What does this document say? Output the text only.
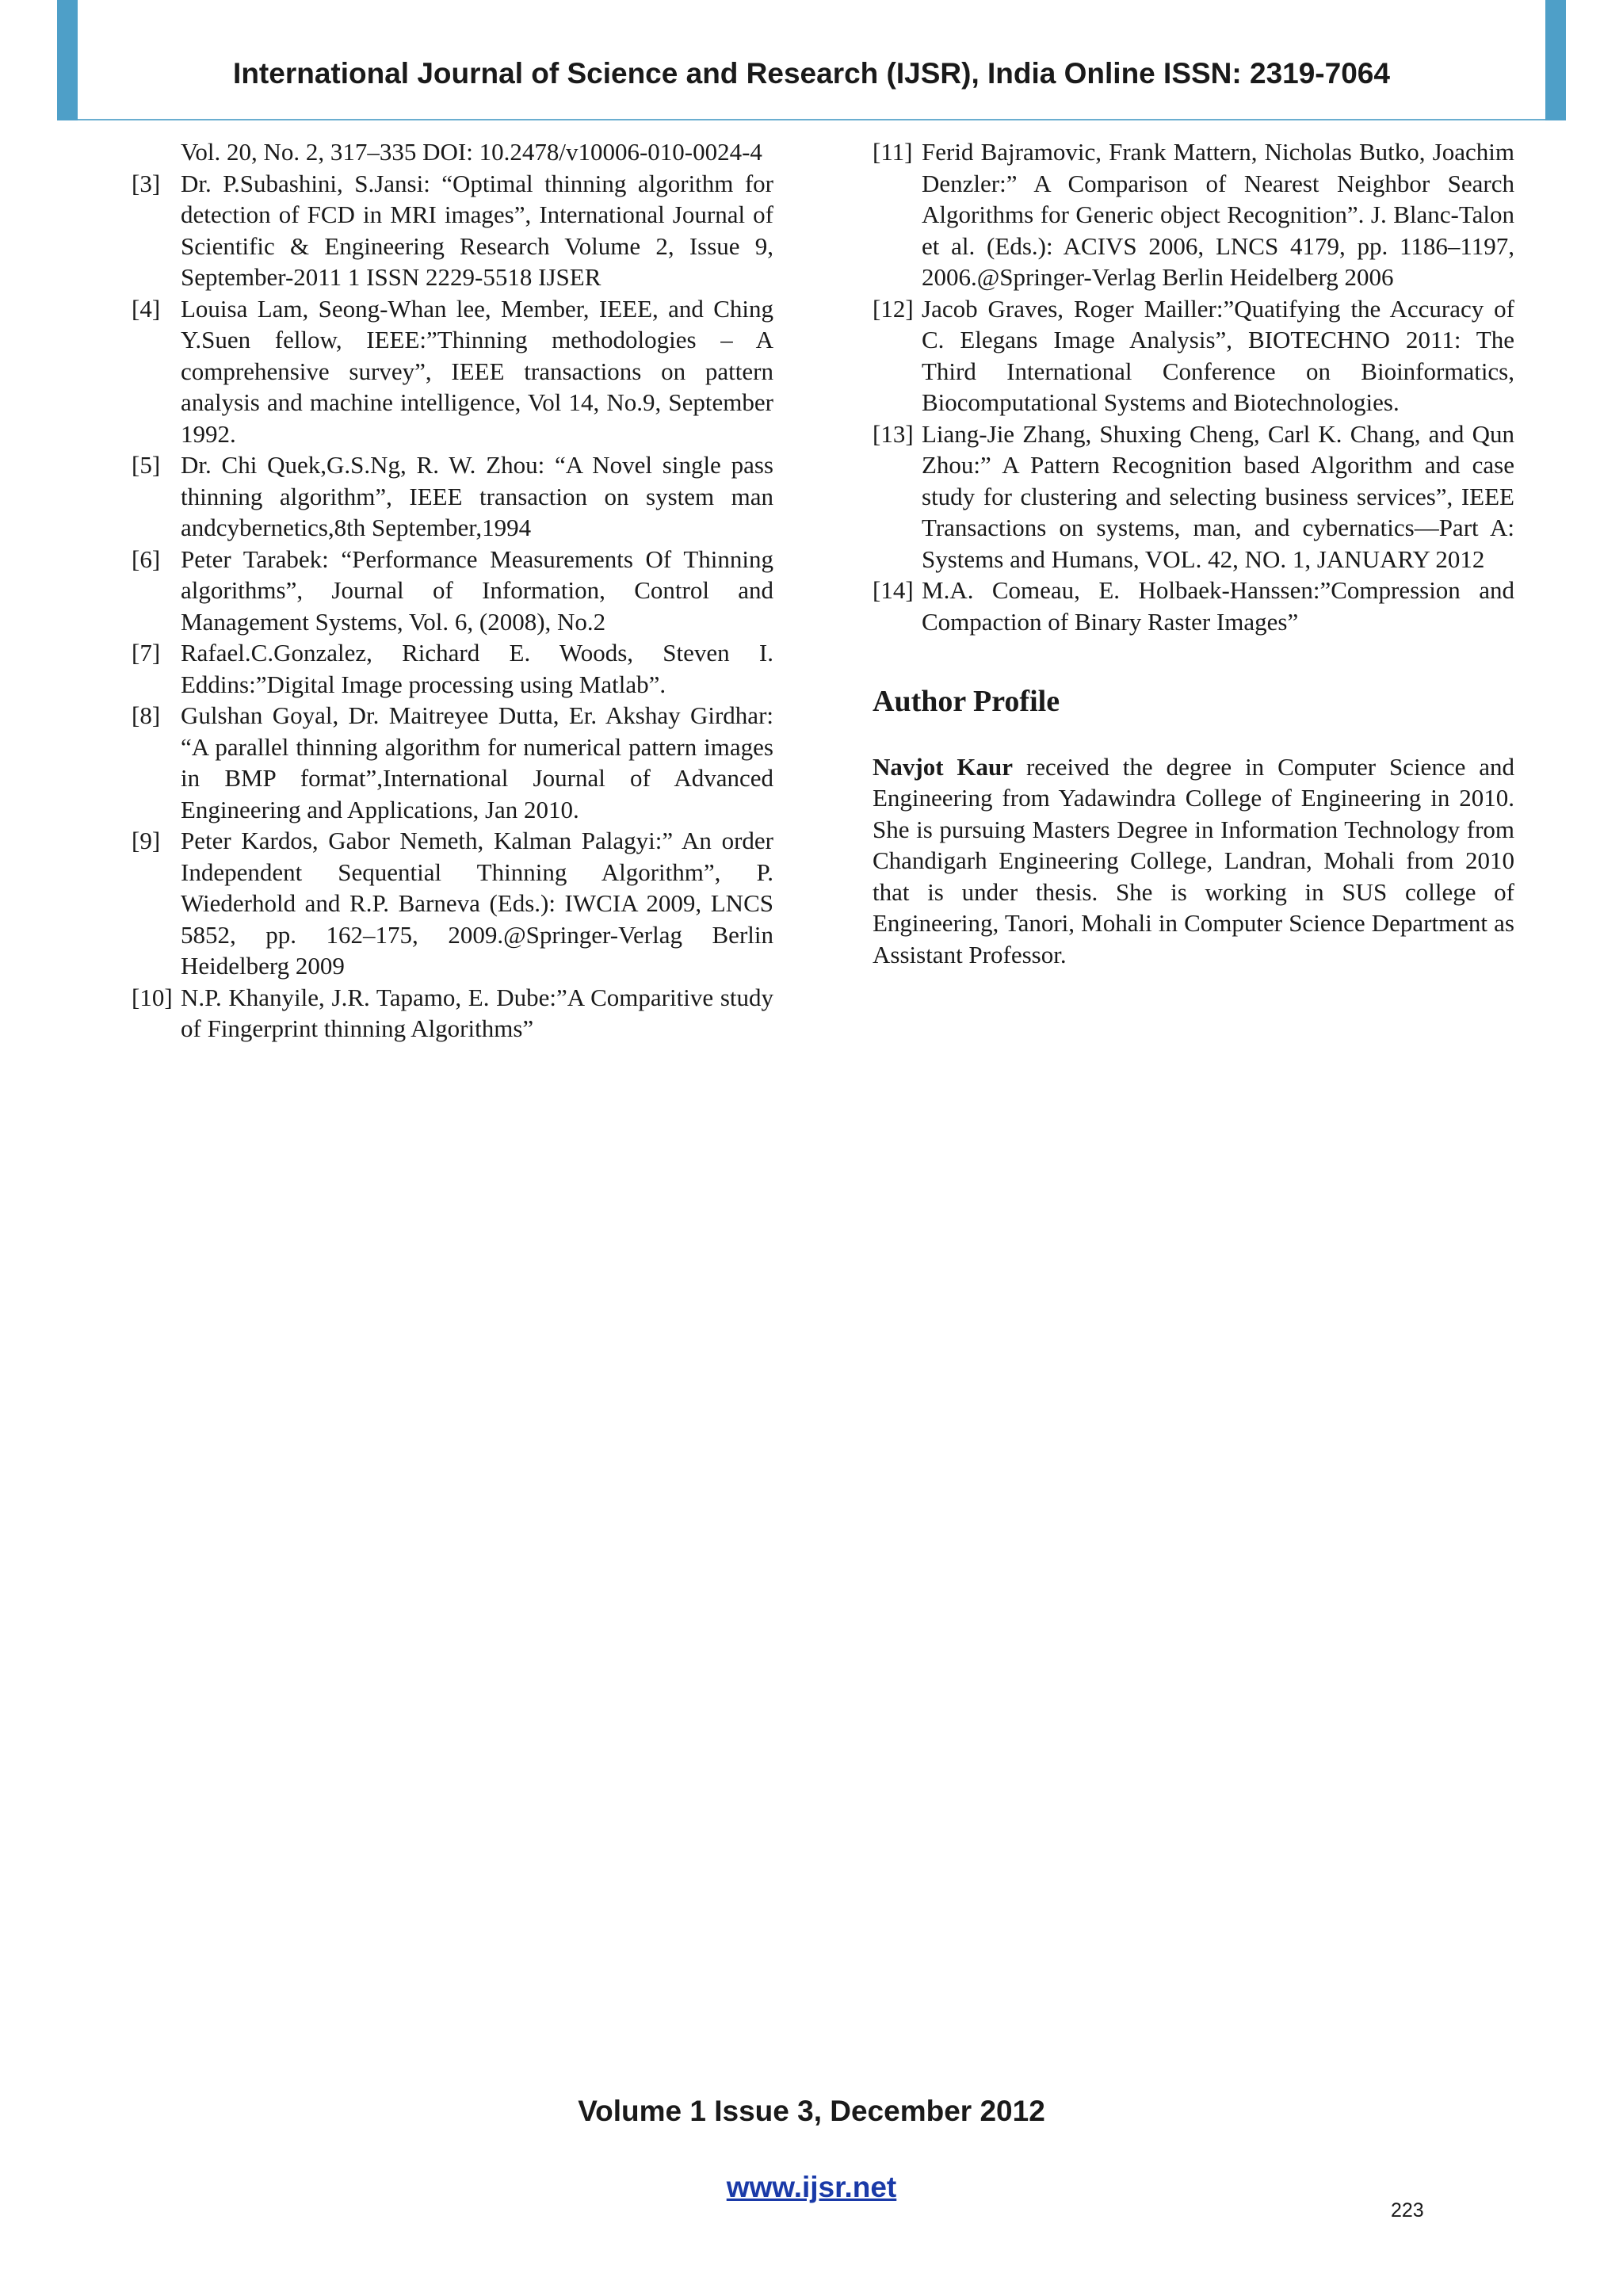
International Journal of Science and Research (IJSR), India Online ISSN: 2319-7064
Vol. 20, No. 2, 317–335 DOI: 10.2478/v10006-010-0024-4
[3] Dr. P.Subashini, S.Jansi: “Optimal thinning algorithm for detection of FCD in MRI images”, International Journal of Scientific & Engineering Research Volume 2, Issue 9, September-2011 1 ISSN 2229-5518 IJSER
[4] Louisa Lam, Seong-Whan lee, Member, IEEE, and Ching Y.Suen fellow, IEEE:”Thinning methodologies – A comprehensive survey”, IEEE transactions on pattern analysis and machine intelligence, Vol 14, No.9, September 1992.
[5] Dr. Chi Quek,G.S.Ng, R. W. Zhou: “A Novel single pass thinning algorithm”, IEEE transaction on system man andcybernetics,8th September,1994
[6] Peter Tarabek: “Performance Measurements Of Thinning algorithms”, Journal of Information, Control and Management Systems, Vol. 6, (2008), No.2
[7] Rafael.C.Gonzalez, Richard E. Woods, Steven I. Eddins:”Digital Image processing using Matlab”.
[8] Gulshan Goyal, Dr. Maitreyee Dutta, Er. Akshay Girdhar: “A parallel thinning algorithm for numerical pattern images in BMP format”,International Journal of Advanced Engineering and Applications, Jan 2010.
[9] Peter Kardos, Gabor Nemeth, Kalman Palagyi:” An order Independent Sequential Thinning Algorithm”, P. Wiederhold and R.P. Barneva (Eds.): IWCIA 2009, LNCS 5852, pp. 162–175, 2009.@Springer-Verlag Berlin Heidelberg 2009
[10] N.P. Khanyile, J.R. Tapamo, E. Dube:”A Comparitive study of Fingerprint thinning Algorithms”
[11] Ferid Bajramovic, Frank Mattern, Nicholas Butko, Joachim Denzler:” A Comparison of Nearest Neighbor Search Algorithms for Generic object Recognition”. J. Blanc-Talon et al. (Eds.): ACIVS 2006, LNCS 4179, pp. 1186–1197, 2006.@Springer-Verlag Berlin Heidelberg 2006
[12] Jacob Graves, Roger Mailler:”Quatifying the Accuracy of C. Elegans Image Analysis”, BIOTECHNO 2011: The Third International Conference on Bioinformatics, Biocomputational Systems and Biotechnologies.
[13] Liang-Jie Zhang, Shuxing Cheng, Carl K. Chang, and Qun Zhou:” A Pattern Recognition based Algorithm and case study for clustering and selecting business services”, IEEE Transactions on systems, man, and cybernatics—Part A: Systems and Humans, VOL. 42, NO. 1, JANUARY 2012
[14] M.A. Comeau, E. Holbaek-Hanssen:”Compression and Compaction of Binary Raster Images”
Author Profile
Navjot Kaur received the degree in Computer Science and Engineering from Yadawindra College of Engineering in 2010. She is pursuing Masters Degree in Information Technology from Chandigarh Engineering College, Landran, Mohali from 2010 that is under thesis. She is working in SUS college of Engineering, Tanori, Mohali in Computer Science Department as Assistant Professor.
Volume 1 Issue 3, December 2012
www.ijsr.net
223
